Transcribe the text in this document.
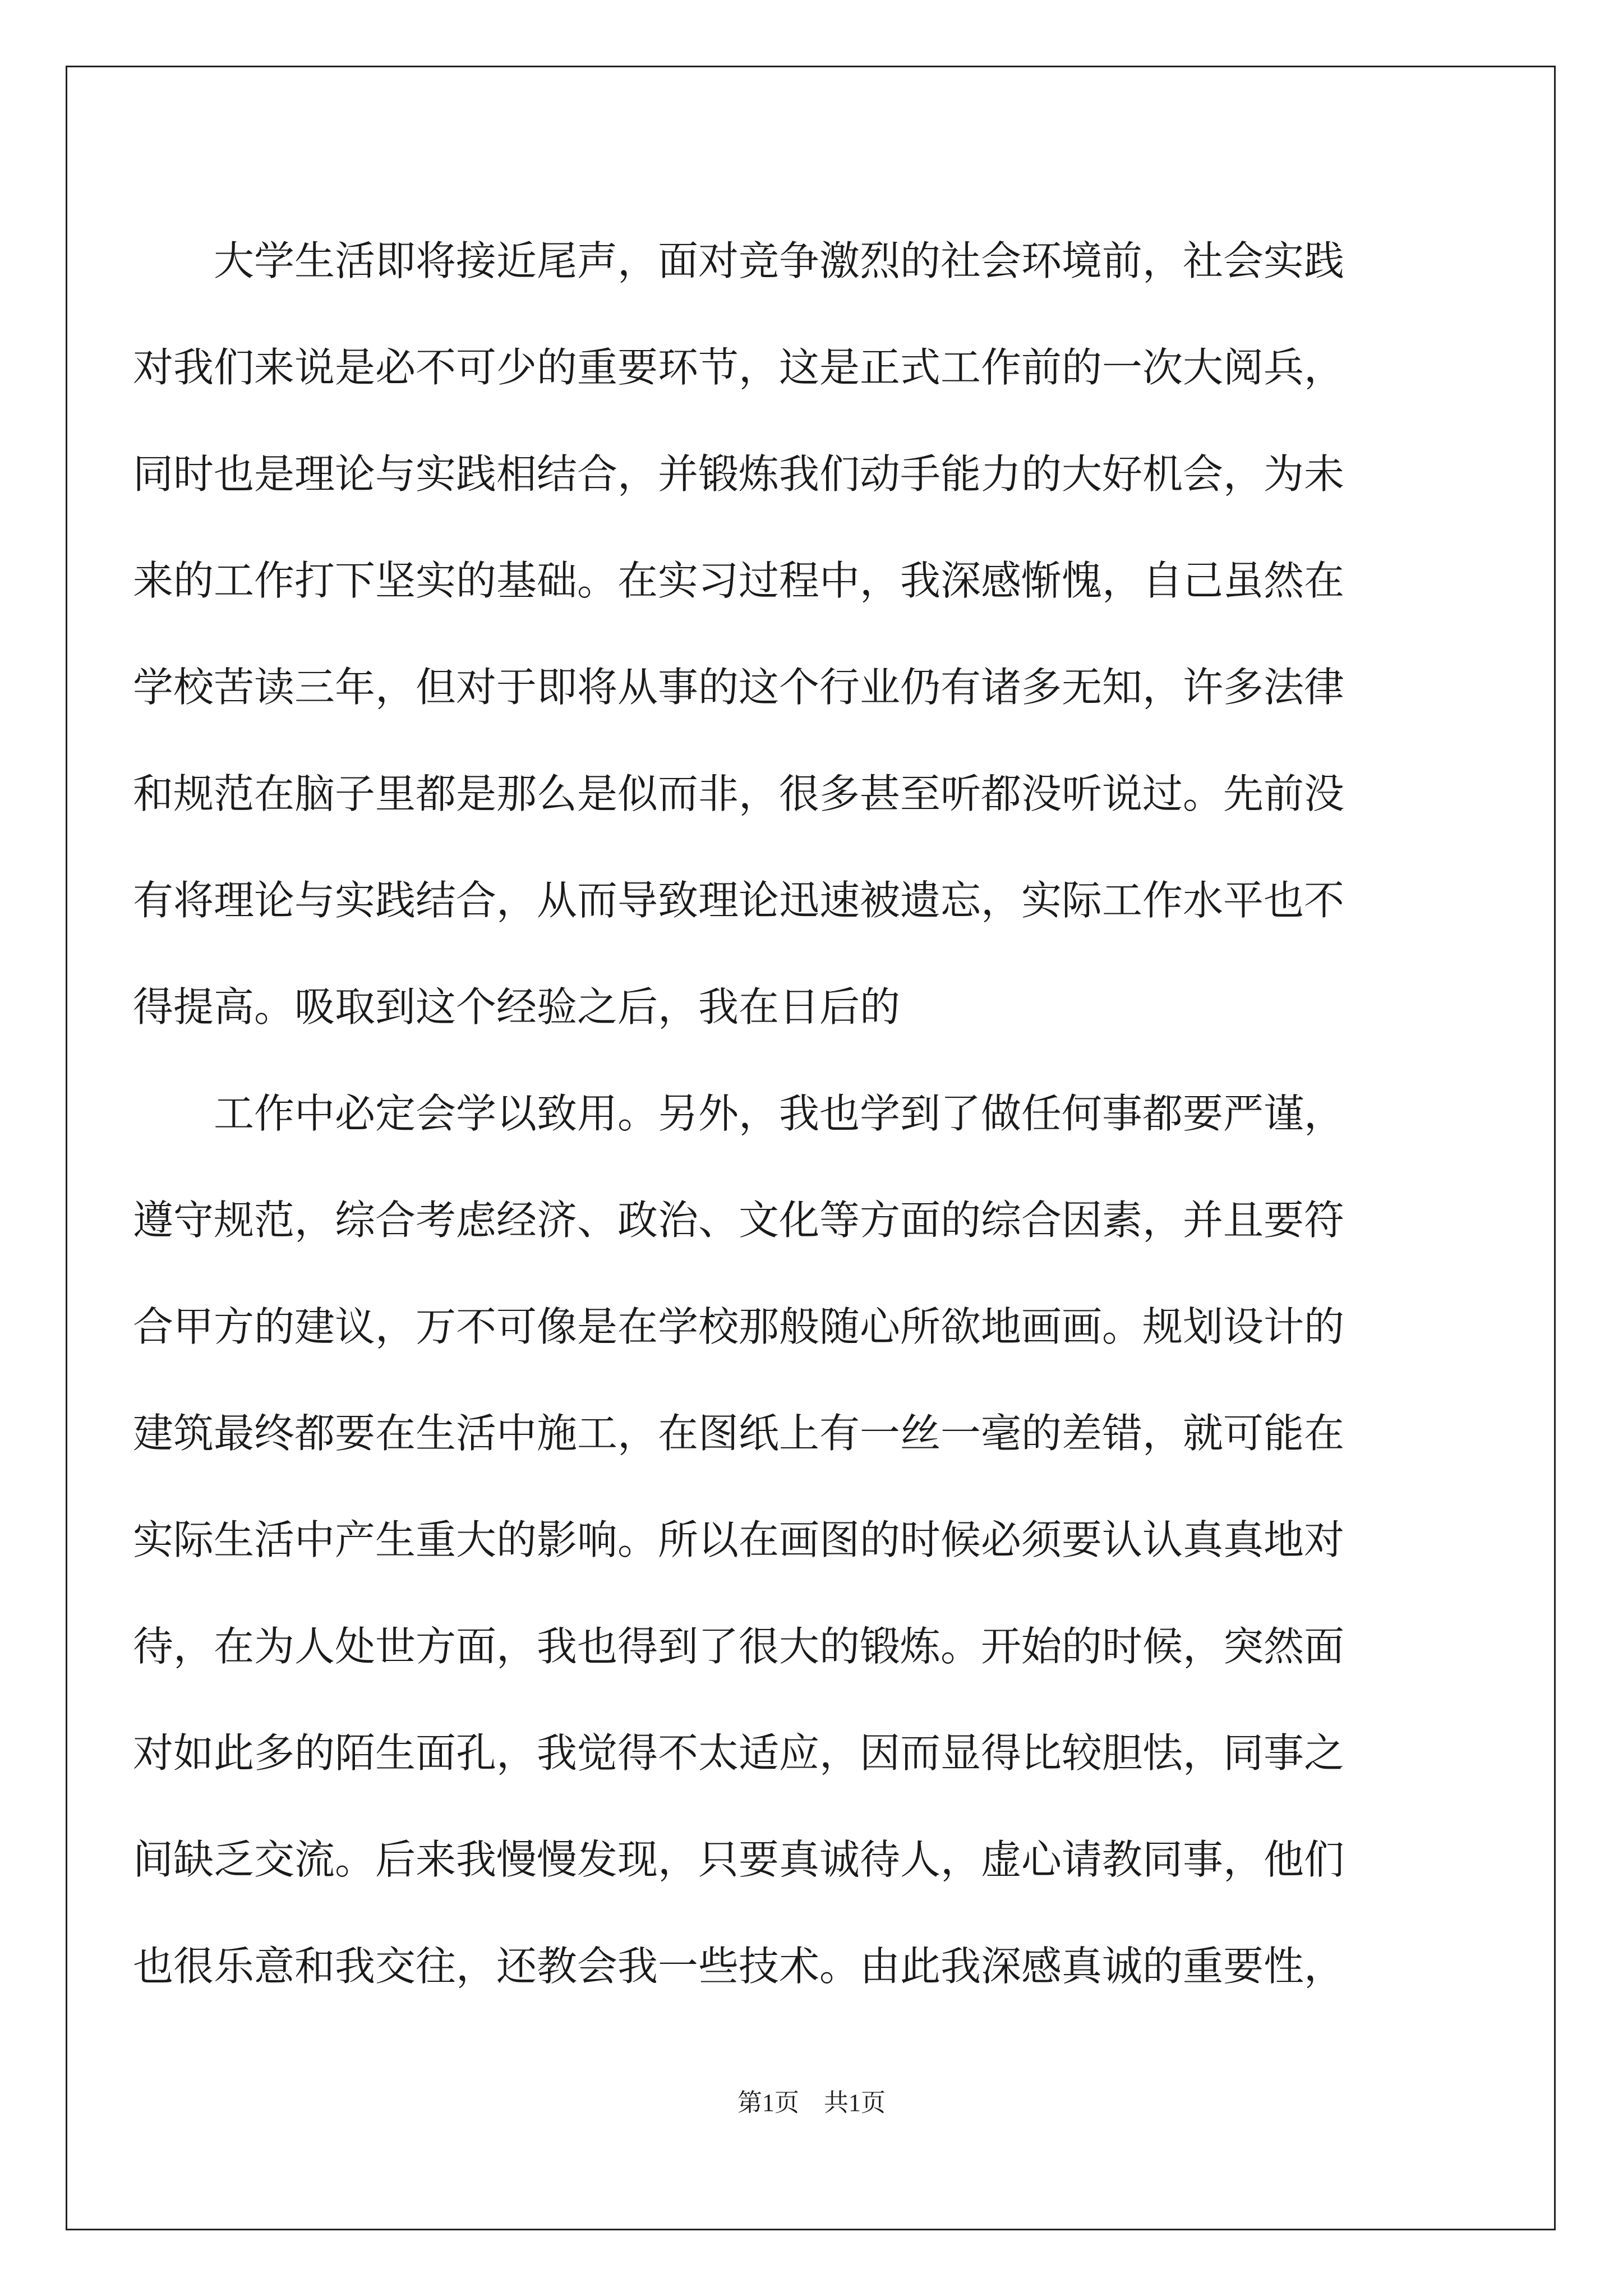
　　大学生活即将接近尾声，面对竞争激烈的社会环境前，社会实践
对我们来说是必不可少的重要环节，这是正式工作前的一次大阅兵，
同时也是理论与实践相结合，并锻炼我们动手能力的大好机会，为未
来的工作打下坚实的基础。在实习过程中，我深感惭愧，自己虽然在
学校苦读三年，但对于即将从事的这个行业仍有诸多无知，许多法律
和规范在脑子里都是那么是似而非，很多甚至听都没听说过。先前没
有将理论与实践结合，从而导致理论迅速被遗忘，实际工作水平也不
得提高。吸取到这个经验之后，我在日后的
　　工作中必定会学以致用。另外，我也学到了做任何事都要严谨，
遵守规范，综合考虑经济、政治、文化等方面的综合因素，并且要符
合甲方的建议，万不可像是在学校那般随心所欲地画画。规划设计的
建筑最终都要在生活中施工，在图纸上有一丝一毫的差错，就可能在
实际生活中产生重大的影响。所以在画图的时候必须要认认真真地对
待，在为人处世方面，我也得到了很大的锻炼。开始的时候，突然面
对如此多的陌生面孔，我觉得不太适应，因而显得比较胆怯，同事之
间缺乏交流。后来我慢慢发现，只要真诚待人，虚心请教同事，他们
也很乐意和我交往，还教会我一些技术。由此我深感真诚的重要性，
第1页　共1页
